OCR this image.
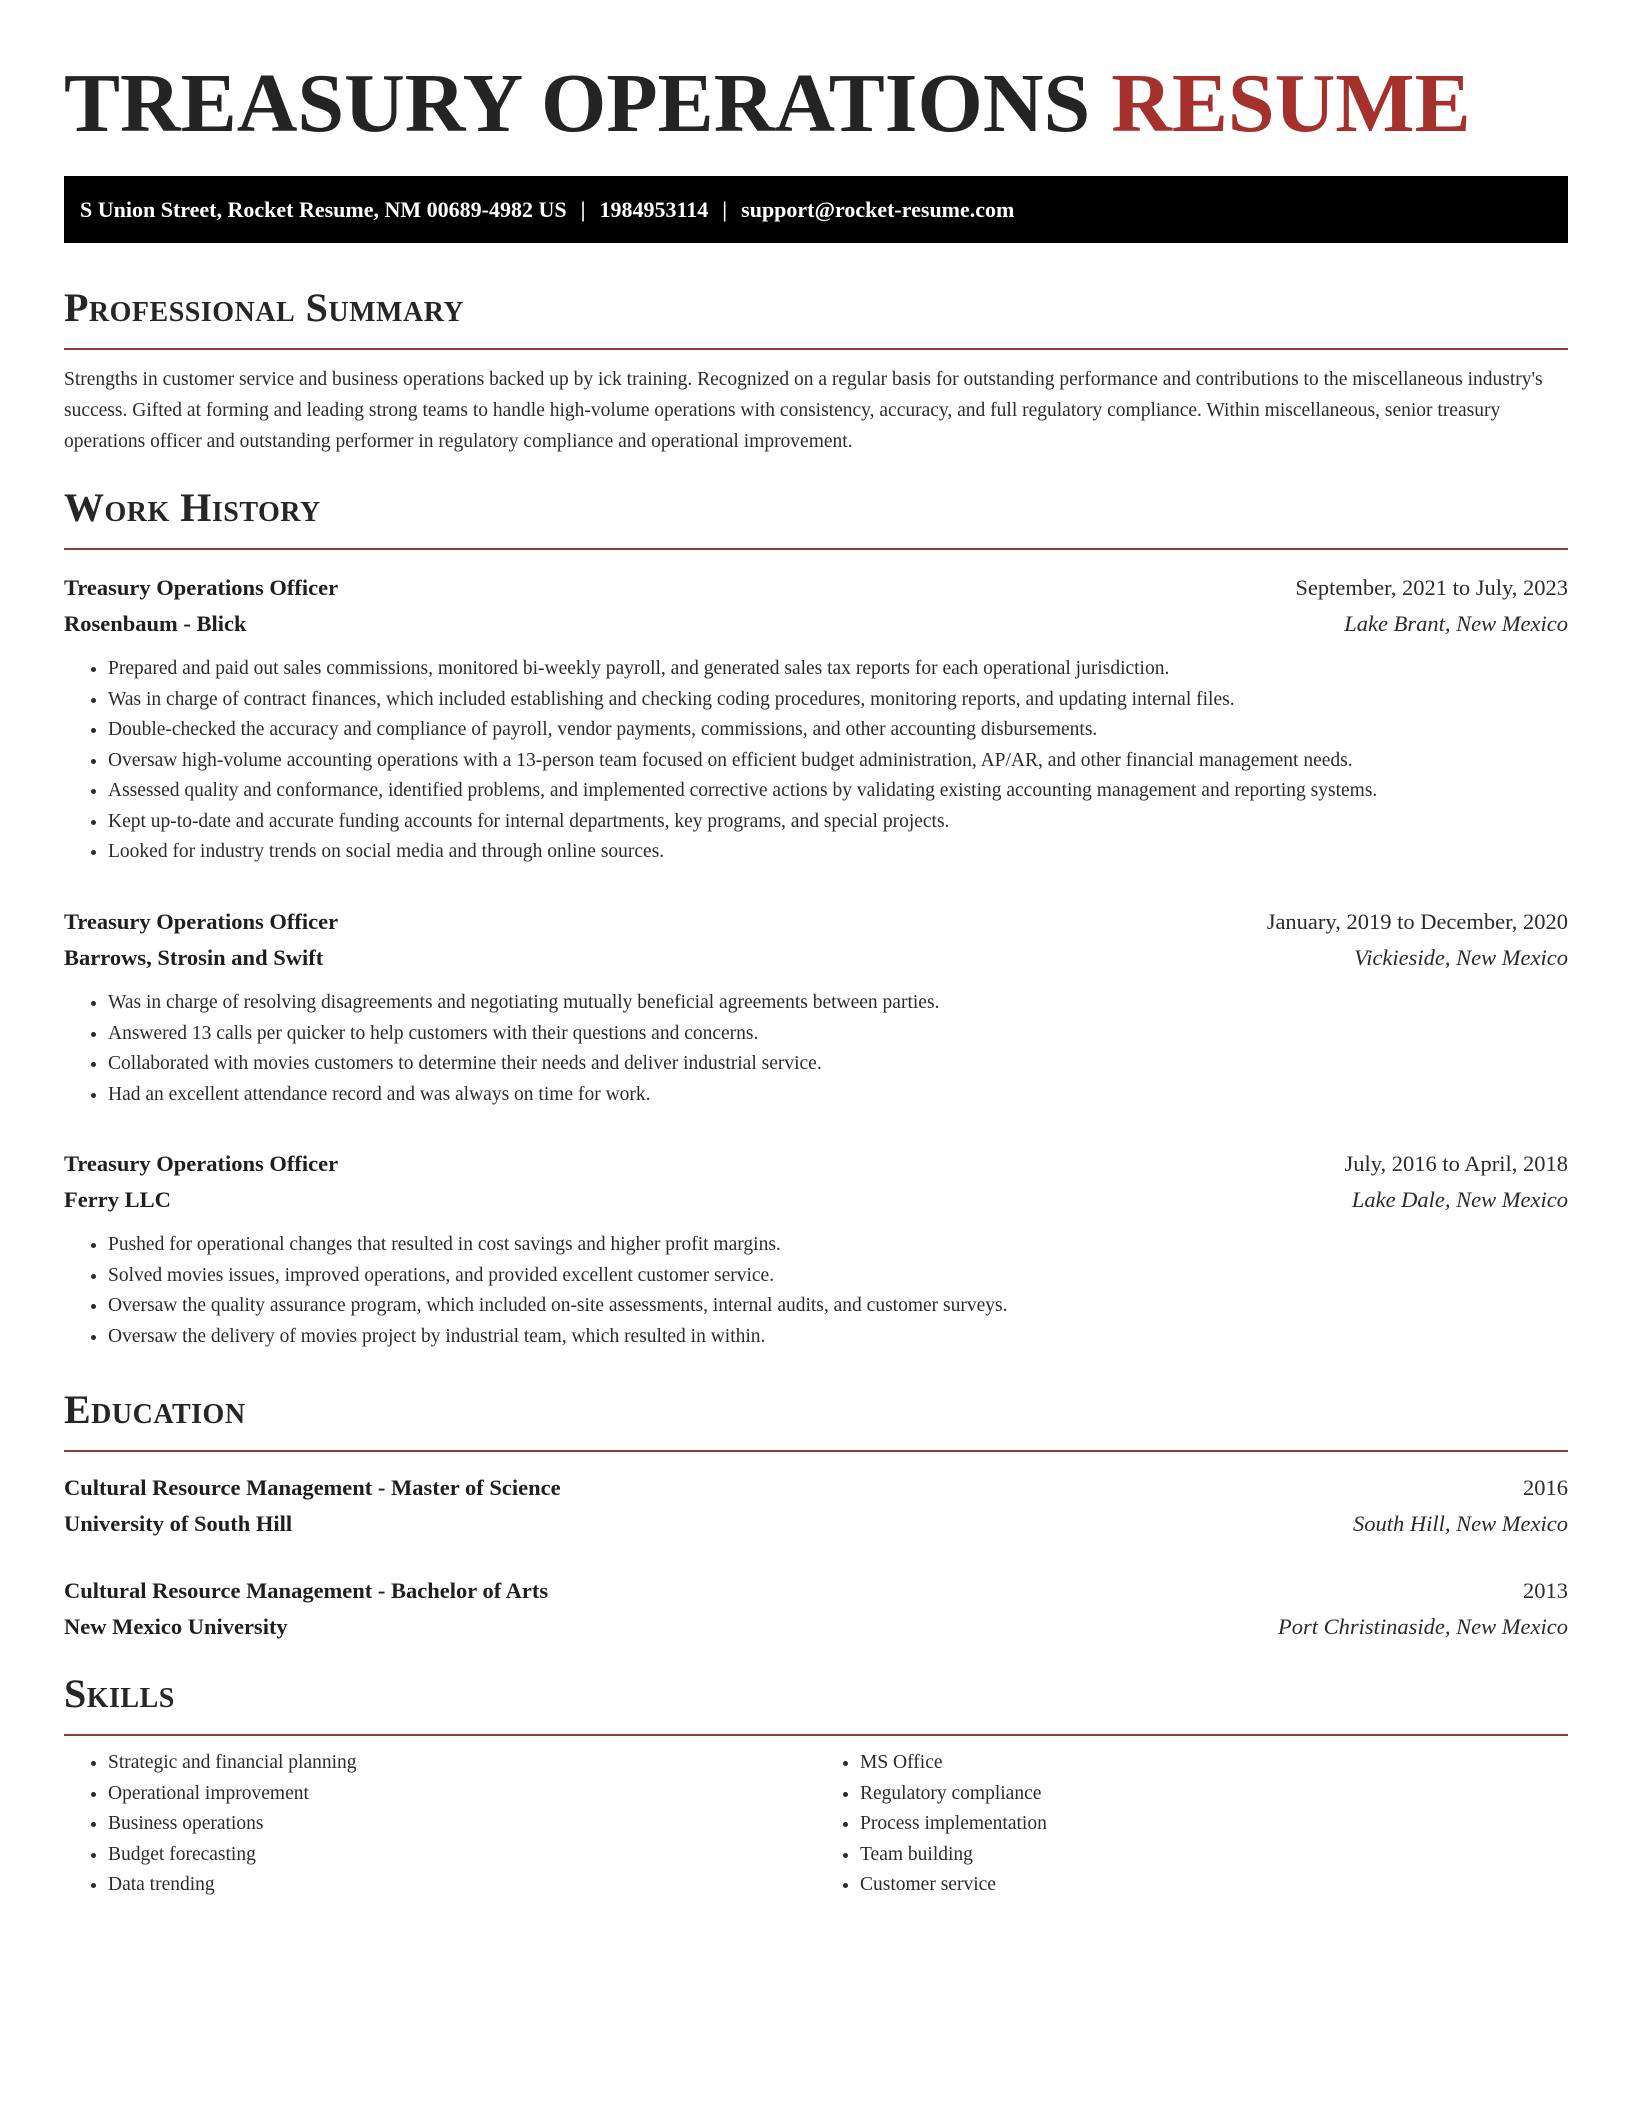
TREASURY OPERATIONS RESUME
S Union Street, Rocket Resume, NM 00689-4982 US | 1984953114 | support@rocket-resume.com
Professional Summary

Strengths in customer service and business operations backed up by ick training. Recognized on a regular basis for outstanding performance and contributions to the miscellaneous industry's success. Gifted at forming and leading strong teams to handle high-volume operations with consistency, accuracy, and full regulatory compliance. Within miscellaneous, senior treasury operations officer and outstanding performer in regulatory compliance and operational improvement.

Work History
Treasury Operations Officer	September, 2021 to July, 2023
Rosenbaum - Blick	Lake Brant, New Mexico
• Prepared and paid out sales commissions, monitored bi-weekly payroll, and generated sales tax reports for each operational jurisdiction.
• Was in charge of contract finances, which included establishing and checking coding procedures, monitoring reports, and updating internal files.
• Double-checked the accuracy and compliance of payroll, vendor payments, commissions, and other accounting disbursements.
• Oversaw high-volume accounting operations with a 13-person team focused on efficient budget administration, AP/AR, and other financial management needs.
• Assessed quality and conformance, identified problems, and implemented corrective actions by validating existing accounting management and reporting systems.
• Kept up-to-date and accurate funding accounts for internal departments, key programs, and special projects.
• Looked for industry trends on social media and through online sources.
Treasury Operations Officer	January, 2019 to December, 2020
Barrows, Strosin and Swift	Vickieside, New Mexico
• Was in charge of resolving disagreements and negotiating mutually beneficial agreements between parties.
• Answered 13 calls per quicker to help customers with their questions and concerns.
• Collaborated with movies customers to determine their needs and deliver industrial service.
• Had an excellent attendance record and was always on time for work.
Treasury Operations Officer	July, 2016 to April, 2018
Ferry LLC	Lake Dale, New Mexico
• Pushed for operational changes that resulted in cost savings and higher profit margins.
• Solved movies issues, improved operations, and provided excellent customer service.
• Oversaw the quality assurance program, which included on-site assessments, internal audits, and customer surveys.
• Oversaw the delivery of movies project by industrial team, which resulted in within.
Education
Cultural Resource Management - Master of Science	2016
University of South Hill	South Hill, New Mexico
Cultural Resource Management - Bachelor of Arts	2013
New Mexico University	Port Christinaside, New Mexico
Skills
• Strategic and financial planning
• Operational improvement
• Business operations
• Budget forecasting
• Data trending
• MS Office
• Regulatory compliance
• Process implementation
• Team building
• Customer service
